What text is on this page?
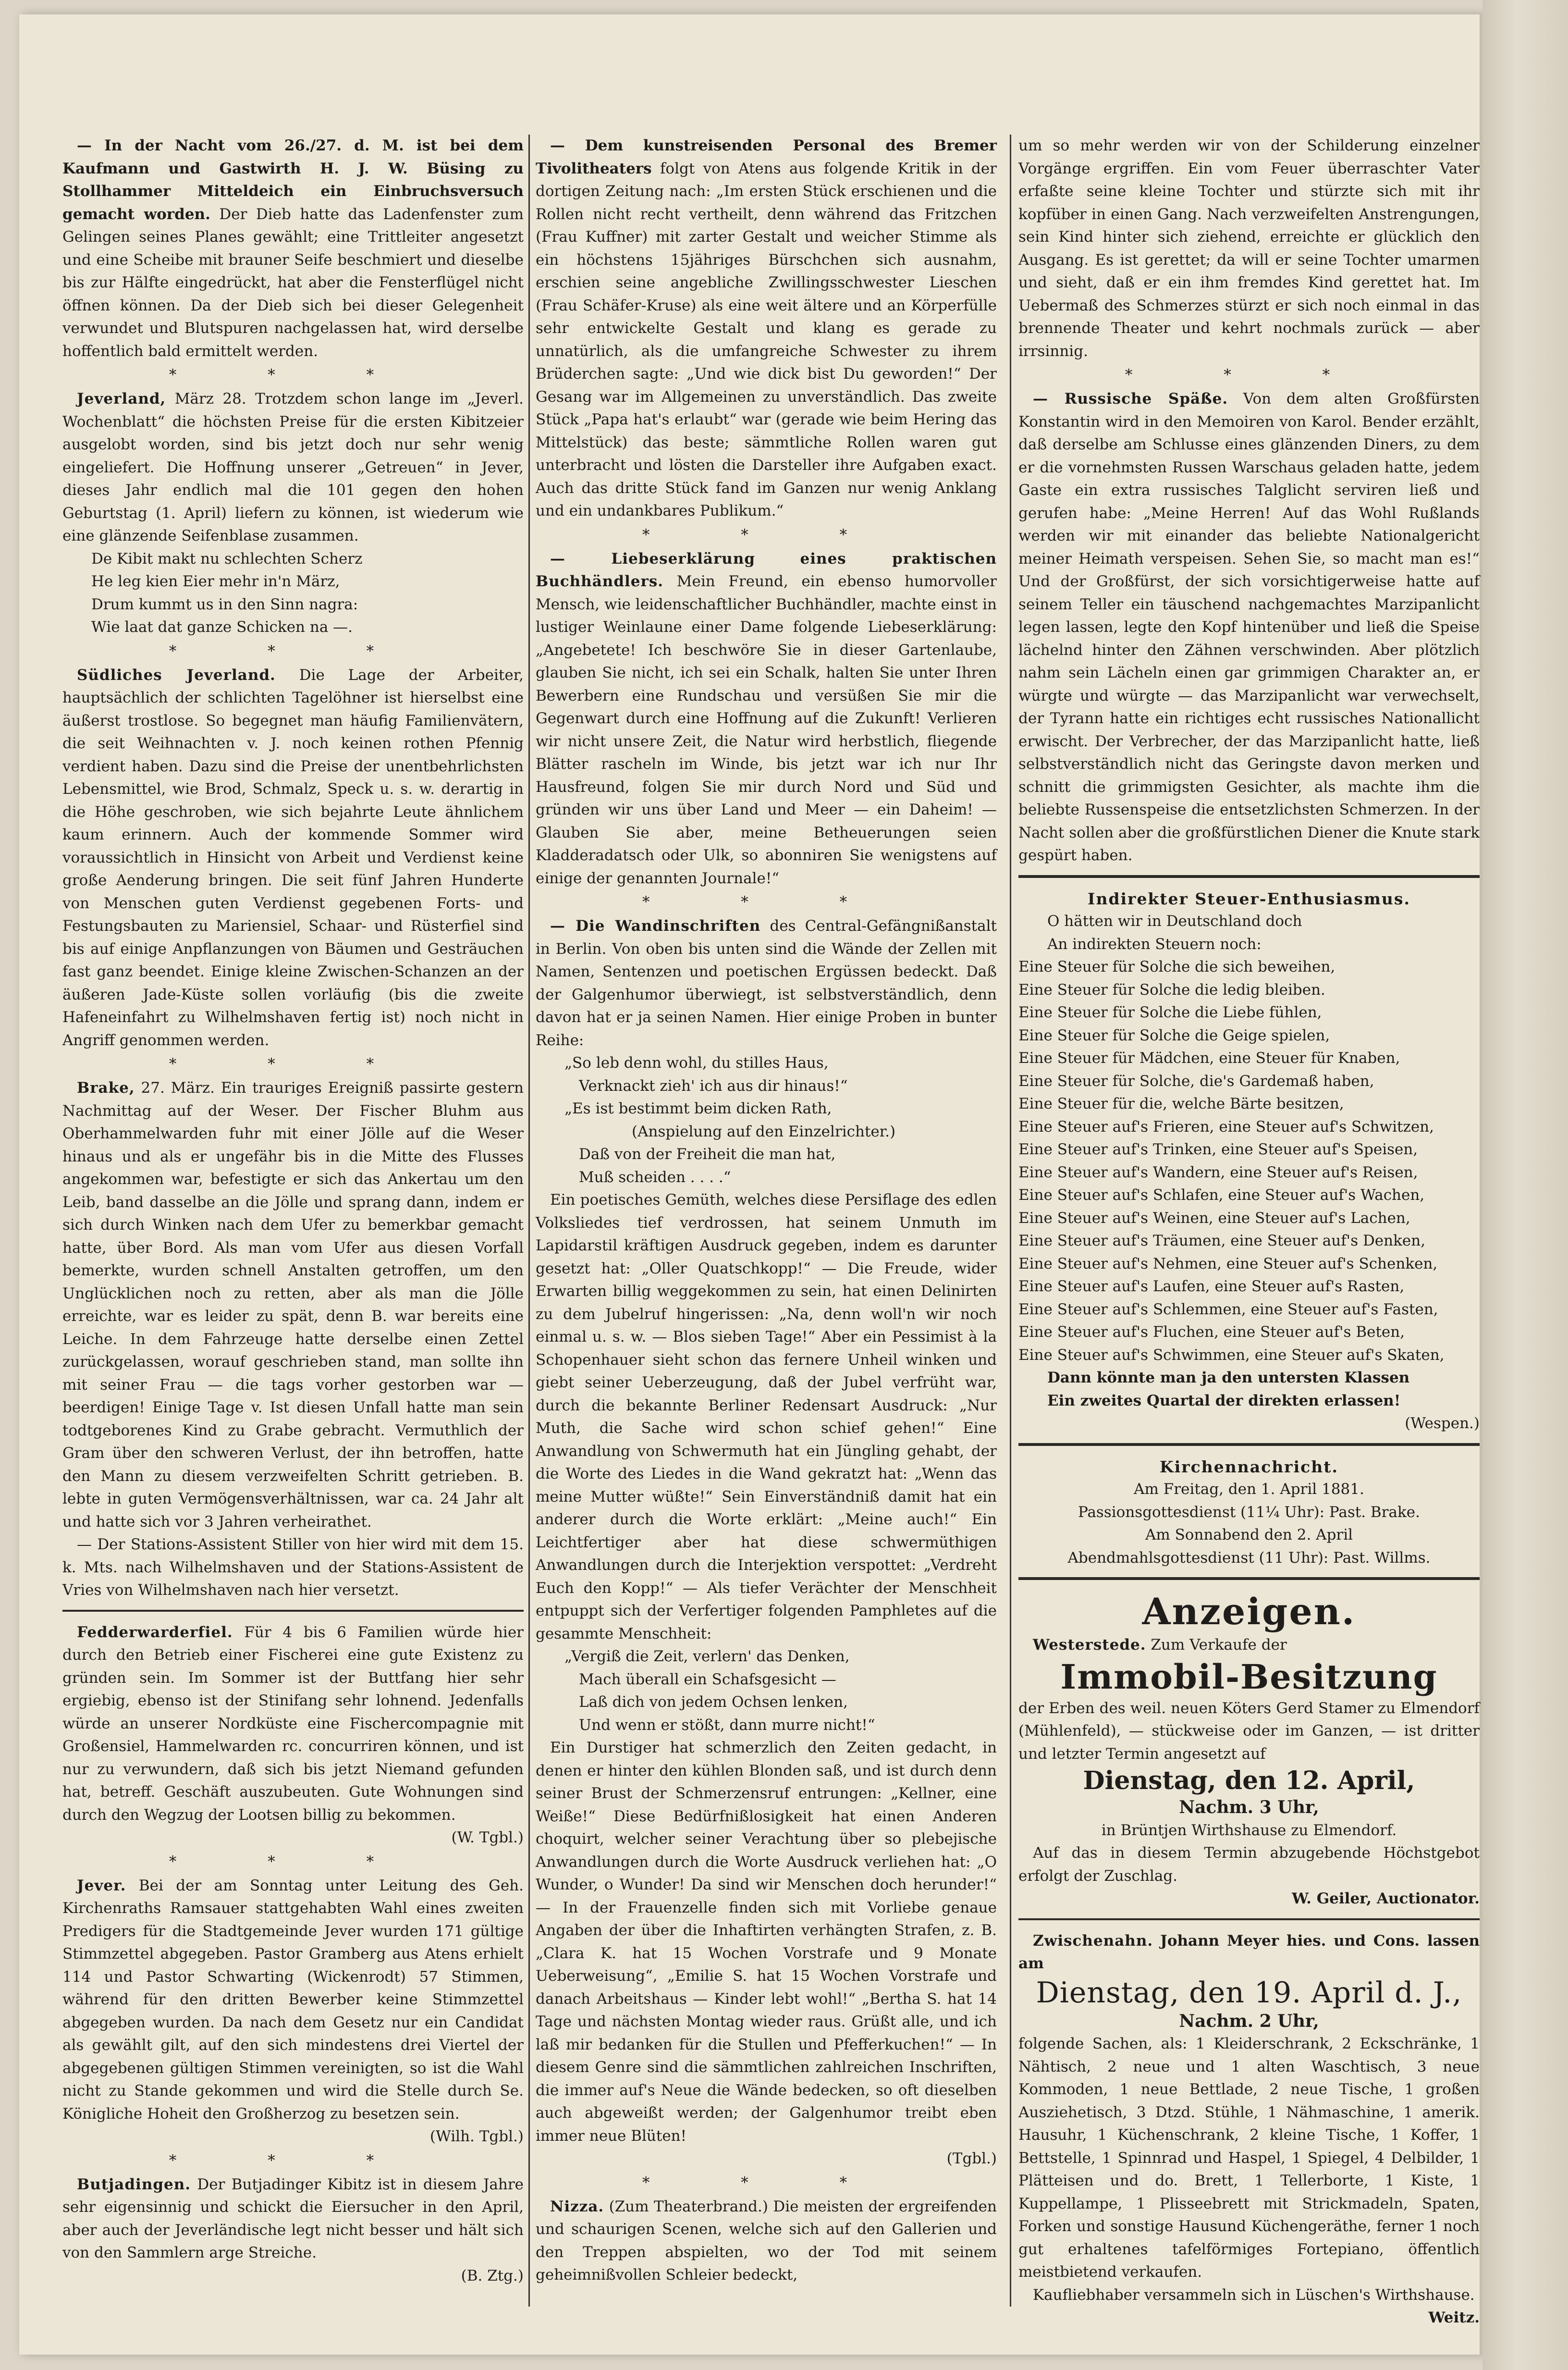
— In der Nacht vom 26./27. d. M. ist bei dem Kaufmann und Gastwirth H. J. W. Büsing zu Stollhammer Mitteldeich ein Einbruchsversuch gemacht worden. Der Dieb hatte das Ladenfenster zum Gelingen seines Planes gewählt; eine Trittleiter angesetzt und eine Scheibe mit brauner Seife beschmiert und dieselbe bis zur Hälfte eingedrückt, hat aber die Fensterflügel nicht öffnen können. Da der Dieb sich bei dieser Gelegenheit verwundet und Blutspuren nachgelassen hat, wird derselbe hoffentlich bald ermittelt werden.

* * *

Jeverland, März 28. Trotzdem schon lange im „Jeverl. Wochenblatt“ die höchsten Preise für die ersten Kibitzeier ausgelobt worden, sind bis jetzt doch nur sehr wenig eingeliefert. Die Hoffnung unserer „Getreuen“ in Jever, dieses Jahr endlich mal die 101 gegen den hohen Geburtstag (1. April) liefern zu können, ist wiederum wie eine glänzende Seifenblase zusammen.

De Kibit makt nu schlechten Scherz
He leg kien Eier mehr in'n März,
Drum kummt us in den Sinn nagra:
Wie laat dat ganze Schicken na —.
* * *

Südliches Jeverland. Die Lage der Arbeiter, hauptsächlich der schlichten Tagelöhner ist hierselbst eine äußerst trostlose. So begegnet man häufig Familienvätern, die seit Weihnachten v. J. noch keinen rothen Pfennig verdient haben. Dazu sind die Preise der unentbehrlichsten Lebensmittel, wie Brod, Schmalz, Speck u. s. w. derartig in die Höhe geschroben, wie sich bejahrte Leute ähnlichem kaum erinnern. Auch der kommende Sommer wird voraussichtlich in Hinsicht von Arbeit und Verdienst keine große Aenderung bringen. Die seit fünf Jahren Hunderte von Menschen guten Verdienst gegebenen Forts- und Festungsbauten zu Mariensiel, Schaar- und Rüsterfiel sind bis auf einige Anpflanzungen von Bäumen und Gesträuchen fast ganz beendet. Einige kleine Zwischen-Schanzen an der äußeren Jade-Küste sollen vorläufig (bis die zweite Hafeneinfahrt zu Wilhelmshaven fertig ist) noch nicht in Angriff genommen werden.

* * *

Brake, 27. März. Ein trauriges Ereigniß passirte gestern Nachmittag auf der Weser. Der Fischer Bluhm aus Oberhammelwarden fuhr mit einer Jölle auf die Weser hinaus und als er ungefähr bis in die Mitte des Flusses angekommen war, befestigte er sich das Ankertau um den Leib, band dasselbe an die Jölle und sprang dann, indem er sich durch Winken nach dem Ufer zu bemerkbar gemacht hatte, über Bord. Als man vom Ufer aus diesen Vorfall bemerkte, wurden schnell Anstalten getroffen, um den Unglücklichen noch zu retten, aber als man die Jölle erreichte, war es leider zu spät, denn B. war bereits eine Leiche. In dem Fahrzeuge hatte derselbe einen Zettel zurückgelassen, worauf geschrieben stand, man sollte ihn mit seiner Frau — die tags vorher gestorben war — beerdigen! Einige Tage v. Ist diesen Unfall hatte man sein todtgeborenes Kind zu Grabe gebracht. Vermuthlich der Gram über den schweren Verlust, der ihn betroffen, hatte den Mann zu diesem verzweifelten Schritt getrieben. B. lebte in guten Vermögensverhältnissen, war ca. 24 Jahr alt und hatte sich vor 3 Jahren verheirathet.

— Der Stations-Assistent Stiller von hier wird mit dem 15. k. Mts. nach Wilhelmshaven und der Stations-Assistent de Vries von Wilhelmshaven nach hier versetzt.

Fedderwarderfiel. Für 4 bis 6 Familien würde hier durch den Betrieb einer Fischerei eine gute Existenz zu gründen sein. Im Sommer ist der Buttfang hier sehr ergiebig, ebenso ist der Stinifang sehr lohnend. Jedenfalls würde an unserer Nordküste eine Fischercompagnie mit Großensiel, Hammelwarden rc. concurriren können, und ist nur zu verwundern, daß sich bis jetzt Niemand gefunden hat, betreff. Geschäft auszubeuten. Gute Wohnungen sind durch den Wegzug der Lootsen billig zu bekommen.

(W. Tgbl.)
* * *

Jever. Bei der am Sonntag unter Leitung des Geh. Kirchenraths Ramsauer stattgehabten Wahl eines zweiten Predigers für die Stadtgemeinde Jever wurden 171 gültige Stimmzettel abgegeben. Pastor Gramberg aus Atens erhielt 114 und Pastor Schwarting (Wickenrodt) 57 Stimmen, während für den dritten Bewerber keine Stimmzettel abgegeben wurden. Da nach dem Gesetz nur ein Candidat als gewählt gilt, auf den sich mindestens drei Viertel der abgegebenen gültigen Stimmen vereinigten, so ist die Wahl nicht zu Stande gekommen und wird die Stelle durch Se. Königliche Hoheit den Großherzog zu besetzen sein.

(Wilh. Tgbl.)
* * *

Butjadingen. Der Butjadinger Kibitz ist in diesem Jahre sehr eigensinnig und schickt die Eiersucher in den April, aber auch der Jeverländische legt nicht besser und hält sich von den Sammlern arge Streiche.

(B. Ztg.)

— Dem kunstreisenden Personal des Bremer Tivolitheaters folgt von Atens aus folgende Kritik in der dortigen Zeitung nach: „Im ersten Stück erschienen und die Rollen nicht recht vertheilt, denn während das Fritzchen (Frau Kuffner) mit zarter Gestalt und weicher Stimme als ein höchstens 15jähriges Bürschchen sich ausnahm, erschien seine angebliche Zwillingsschwester Lieschen (Frau Schäfer-Kruse) als eine weit ältere und an Körperfülle sehr entwickelte Gestalt und klang es gerade zu unnatürlich, als die umfangreiche Schwester zu ihrem Brüderchen sagte: „Und wie dick bist Du geworden!“ Der Gesang war im Allgemeinen zu unverständlich. Das zweite Stück „Papa hat's erlaubt“ war (gerade wie beim Hering das Mittelstück) das beste; sämmtliche Rollen waren gut unterbracht und lösten die Darsteller ihre Aufgaben exact. Auch das dritte Stück fand im Ganzen nur wenig Anklang und ein undankbares Publikum.“

* * *

— Liebeserklärung	eines praktischen Buchhändlers. Mein Freund, ein ebenso humorvoller Mensch, wie leidenschaftlicher Buchhändler, machte einst in lustiger Weinlaune einer Dame folgende Liebeserklärung: „Angebetete! Ich beschwöre Sie in dieser Gartenlaube, glauben Sie nicht, ich sei ein Schalk, halten Sie unter Ihren Bewerbern eine Rundschau und versüßen Sie mir die Gegenwart durch eine Hoffnung auf die Zukunft! Verlieren wir nicht unsere Zeit, die Natur wird herbstlich, fliegende Blätter rascheln im Winde, bis jetzt war ich nur Ihr Hausfreund, folgen Sie mir durch Nord und Süd und gründen wir uns über Land und Meer — ein Daheim! — Glauben Sie aber, meine Betheuerungen seien Kladderadatsch oder Ulk, so abonniren Sie wenigstens auf einige der genannten Journale!“

* * *

— Die Wandinschriften des Central-Gefängnißanstalt in Berlin. Von oben bis unten sind die Wände der Zellen mit Namen, Sentenzen und poetischen Ergüssen bedeckt. Daß der Galgenhumor überwiegt, ist selbstverständlich, denn davon hat er ja seinen Namen. Hier einige Proben in bunter Reihe:

„So leb denn wohl, du stilles Haus,
Verknackt zieh' ich aus dir hinaus!“
„Es ist bestimmt beim dicken Rath,
(Anspielung auf den Einzelrichter.)
Daß von der Freiheit die man hat,
Muß scheiden . . . .“

Ein poetisches Gemüth, welches diese Persiflage des edlen Volksliedes tief verdrossen, hat seinem Unmuth im Lapidarstil kräftigen Ausdruck gegeben, indem es darunter gesetzt hat: „Oller Quatschkopp!“ — Die Freude, wider Erwarten billig weggekommen zu sein, hat einen Delinirten zu dem Jubelruf hingerissen: „Na, denn woll'n wir noch einmal u. s. w. — Blos sieben Tage!“ Aber ein Pessimist à la Schopenhauer sieht schon das fernere Unheil winken und giebt seiner Ueberzeugung, daß der Jubel verfrüht war, durch die bekannte Berliner Redensart Ausdruck: „Nur Muth, die Sache wird schon schief gehen!“ Eine Anwandlung von Schwermuth hat ein Jüngling gehabt, der die Worte des Liedes in die Wand gekratzt hat: „Wenn das meine Mutter wüßte!“ Sein Einverständniß damit hat ein anderer durch die Worte erklärt: „Meine auch!“ Ein Leichtfertiger aber hat diese schwermüthigen Anwandlungen durch die Interjektion verspottet: „Verdreht Euch den Kopp!“ — Als tiefer Verächter der Menschheit entpuppt sich der Verfertiger folgenden Pamphletes auf die gesammte Menschheit:

„Vergiß die Zeit, verlern' das Denken,
Mach überall ein Schafsgesicht —
Laß dich von jedem Ochsen lenken,
Und wenn er stößt, dann murre nicht!“

Ein Durstiger hat schmerzlich den Zeiten gedacht, in denen er hinter den kühlen Blonden saß, und ist durch denn seiner Brust der Schmerzensruf entrungen: „Kellner, eine Weiße!“ Diese Bedürfnißlosigkeit hat einen Anderen choquirt, welcher seiner Verachtung über so plebejische Anwandlungen durch die Worte Ausdruck verliehen hat: „O Wunder, o Wunder! Da sind wir Menschen doch herunder!“ — In der Frauenzelle finden sich mit Vorliebe genaue Angaben der über die Inhaftirten verhängten Strafen, z. B. „Clara K. hat 15 Wochen Vorstrafe und 9 Monate Ueberweisung“, „Emilie S. hat 15 Wochen Vorstrafe und danach Arbeitshaus — Kinder lebt wohl!“ „Bertha S. hat 14 Tage und nächsten Montag wieder raus. Grüßt alle, und ich laß mir bedanken für die Stullen und Pfefferkuchen!“ — In diesem Genre sind die sämmtlichen zahlreichen Inschriften, die immer auf's Neue die Wände bedecken, so oft dieselben auch abgeweißt werden; der Galgenhumor treibt eben immer neue Blüten!

(Tgbl.)
* * *

Nizza. (Zum Theaterbrand.) Die meisten der ergreifenden und schaurigen Scenen, welche sich auf den Gallerien und den Treppen abspielten, wo der Tod mit seinem geheimnißvollen Schleier bedeckt,

um so mehr werden wir von der Schilderung einzelner Vorgänge ergriffen. Ein vom Feuer überraschter Vater erfaßte seine kleine Tochter und stürzte sich mit ihr kopfüber in einen Gang. Nach verzweifelten Anstrengungen, sein Kind hinter sich ziehend, erreichte er glücklich den Ausgang. Es ist gerettet; da will er seine Tochter umarmen und sieht, daß er ein ihm fremdes Kind gerettet hat. Im Uebermaß des Schmerzes stürzt er sich noch einmal in das brennende Theater und kehrt nochmals zurück — aber irrsinnig.

* * *

— Russische Späße. Von dem alten Großfürsten Konstantin wird in den Memoiren von Karol. Bender erzählt, daß derselbe am Schlusse eines glänzenden Diners, zu dem er die vornehmsten Russen Warschaus geladen hatte, jedem Gaste ein extra russisches Talglicht serviren ließ und gerufen habe: „Meine Herren! Auf das Wohl Rußlands werden wir mit einander das beliebte Nationalgericht meiner Heimath verspeisen. Sehen Sie, so macht man es!“ Und der Großfürst, der sich vorsichtigerweise hatte auf seinem Teller ein täuschend nachgemachtes Marzipanlicht legen lassen, legte den Kopf hintenüber und ließ die Speise lächelnd hinter den Zähnen verschwinden. Aber plötzlich nahm sein Lächeln einen gar grimmigen Charakter an, er würgte und würgte — das Marzipanlicht war verwechselt, der Tyrann hatte ein richtiges echt russisches Nationallicht erwischt. Der Verbrecher, der das Marzipanlicht hatte, ließ selbstverständlich nicht das Geringste davon merken und schnitt die grimmigsten Gesichter, als machte ihm die beliebte Russenspeise die entsetzlichsten Schmerzen. In der Nacht sollen aber die großfürstlichen Diener die Knute stark gespürt haben.

Indirekter Steuer-Enthusiasmus.
O hätten wir in Deutschland doch
An indirekten Steuern noch:
Eine Steuer für Solche die sich beweihen,
Eine Steuer für Solche die ledig bleiben.
Eine Steuer für Solche die Liebe fühlen,
Eine Steuer für Solche die Geige spielen,
Eine Steuer für Mädchen, eine Steuer für Knaben,
Eine Steuer für Solche, die's Gardemaß haben,
Eine Steuer für die, welche Bärte besitzen,
Eine Steuer auf's Frieren, eine Steuer auf's Schwitzen,
Eine Steuer auf's Trinken, eine Steuer auf's Speisen,
Eine Steuer auf's Wandern, eine Steuer auf's Reisen,
Eine Steuer auf's Schlafen, eine Steuer auf's Wachen,
Eine Steuer auf's Weinen, eine Steuer auf's Lachen,
Eine Steuer auf's Träumen, eine Steuer auf's Denken,
Eine Steuer auf's Nehmen, eine Steuer auf's Schenken,
Eine Steuer auf's Laufen, eine Steuer auf's Rasten,
Eine Steuer auf's Schlemmen, eine Steuer auf's Fasten,
Eine Steuer auf's Fluchen, eine Steuer auf's Beten,
Eine Steuer auf's Schwimmen, eine Steuer auf's Skaten,
Dann könnte man ja den untersten Klassen
Ein zweites Quartal der direkten erlassen!
(Wespen.)
Kirchennachricht.
Am Freitag, den 1. April 1881.
Passionsgottesdienst (11¼ Uhr): Past. Brake.
Am Sonnabend den 2. April
Abendmahlsgottesdienst (11 Uhr): Past. Willms.
Anzeigen.

Westerstede. Zum Verkaufe der

Immobil-Besitzung

der Erben des weil. neuen Köters Gerd Stamer zu Elmendorf (Mühlenfeld), — stückweise oder im Ganzen, — ist dritter und letzter Termin angesetzt auf

Dienstag, den 12. April,
Nachm. 3 Uhr,
in Brüntjen Wirthshause zu Elmendorf.

Auf das in diesem Termin abzugebende Höchstgebot erfolgt der Zuschlag.

W. Geiler, Auctionator.

Zwischenahn. Johann Meyer hies. und Cons. lassen am

Dienstag, den 19. April d. J.,
Nachm. 2 Uhr,

folgende Sachen, als: 1 Kleiderschrank, 2 Eckschränke, 1 Nähtisch, 2 neue und 1 alten Waschtisch, 3 neue Kommoden, 1 neue Bettlade, 2 neue Tische, 1 großen Ausziehetisch, 3 Dtzd. Stühle, 1 Nähmaschine, 1 amerik. Hausuhr, 1 Küchenschrank, 2 kleine Tische, 1 Koffer, 1 Bettstelle, 1 Spinnrad und Haspel, 1 Spiegel, 4 Delbilder, 1 Plätteisen und do. Brett, 1 Tellerborte, 1 Kiste, 1 Kuppellampe, 1 Plisseebrett mit Strickmadeln, Spaten, Forken und sonstige Hausund Küchengeräthe, ferner 1 noch gut erhaltenes tafelförmiges Fortepiano, öffentlich meistbietend verkaufen.

Kaufliebhaber versammeln sich in Lüschen's Wirthshause.

Weitz.
